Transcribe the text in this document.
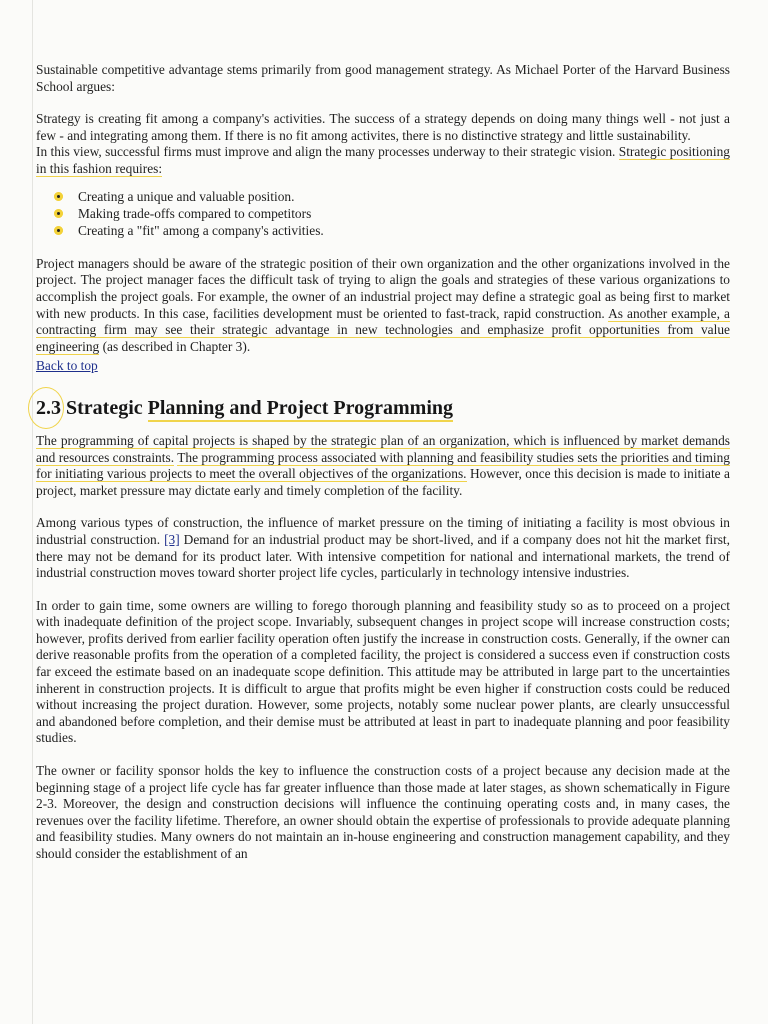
Sustainable competitive advantage stems primarily from good management strategy. As Michael Porter of the Harvard Business School argues:

Strategy is creating fit among a company's activities. The success of a strategy depends on doing many things well - not just a few - and integrating among them. If there is no fit among activites, there is no distinctive strategy and little sustainability.

In this view, successful firms must improve and align the many processes underway to their strategic vision. Strategic positioning in this fashion requires:

Creating a unique and valuable position.
Making trade-offs compared to competitors
Creating a "fit" among a company's activities.

Project managers should be aware of the strategic position of their own organization and the other organizations involved in the project. The project manager faces the difficult task of trying to align the goals and strategies of these various organizations to accomplish the project goals. For example, the owner of an industrial project may define a strategic goal as being first to market with new products. In this case, facilities development must be oriented to fast-track, rapid construction. As another example, a contracting firm may see their strategic advantage in new technologies and emphasize profit opportunities from value engineering (as described in Chapter 3).

Back to top

2.3 Strategic Planning and Project Programming

The programming of capital projects is shaped by the strategic plan of an organization, which is influenced by market demands and resources constraints. The programming process associated with planning and feasibility studies sets the priorities and timing for initiating various projects to meet the overall objectives of the organizations. However, once this decision is made to initiate a project, market pressure may dictate early and timely completion of the facility.

Among various types of construction, the influence of market pressure on the timing of initiating a facility is most obvious in industrial construction. [3] Demand for an industrial product may be short-lived, and if a company does not hit the market first, there may not be demand for its product later. With intensive competition for national and international markets, the trend of industrial construction moves toward shorter project life cycles, particularly in technology intensive industries.

In order to gain time, some owners are willing to forego thorough planning and feasibility study so as to proceed on a project with inadequate definition of the project scope. Invariably, subsequent changes in project scope will increase construction costs; however, profits derived from earlier facility operation often justify the increase in construction costs. Generally, if the owner can derive reasonable profits from the operation of a completed facility, the project is considered a success even if construction costs far exceed the estimate based on an inadequate scope definition. This attitude may be attributed in large part to the uncertainties inherent in construction projects. It is difficult to argue that profits might be even higher if construction costs could be reduced without increasing the project duration. However, some projects, notably some nuclear power plants, are clearly unsuccessful and abandoned before completion, and their demise must be attributed at least in part to inadequate planning and poor feasibility studies.

The owner or facility sponsor holds the key to influence the construction costs of a project because any decision made at the beginning stage of a project life cycle has far greater influence than those made at later stages, as shown schematically in Figure 2-3. Moreover, the design and construction decisions will influence the continuing operating costs and, in many cases, the revenues over the facility lifetime. Therefore, an owner should obtain the expertise of professionals to provide adequate planning and feasibility studies. Many owners do not maintain an in-house engineering and construction management capability, and they should consider the establishment of an
